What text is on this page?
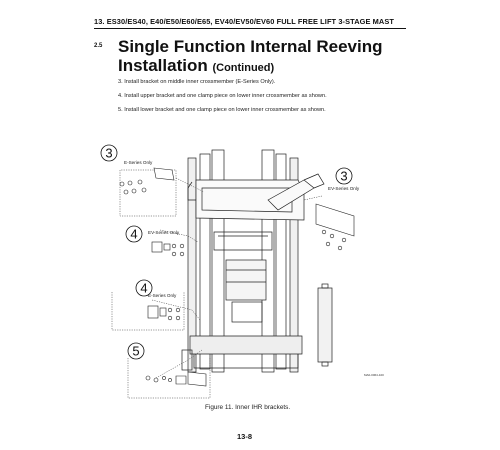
13. ES30/ES40, E40/E50/E60/E65, EV40/EV50/EV60 FULL FREE LIFT 3-STAGE MAST
2.5 Single Function Internal Reeving
Installation (Continued)
3. Install bracket on middle inner crossmember (E-Series Only).
4. Install upper bracket and one clamp piece on lower inner crossmember as shown.
5. Install lower bracket and one clamp piece on lower inner crossmember as shown.
3
E-Series Only
3
EV-Series Only
4 EV-Series Only
4 E-Series Only
5
MA0-0064-100
Figure 11. Inner IHR brackets.
13-8
